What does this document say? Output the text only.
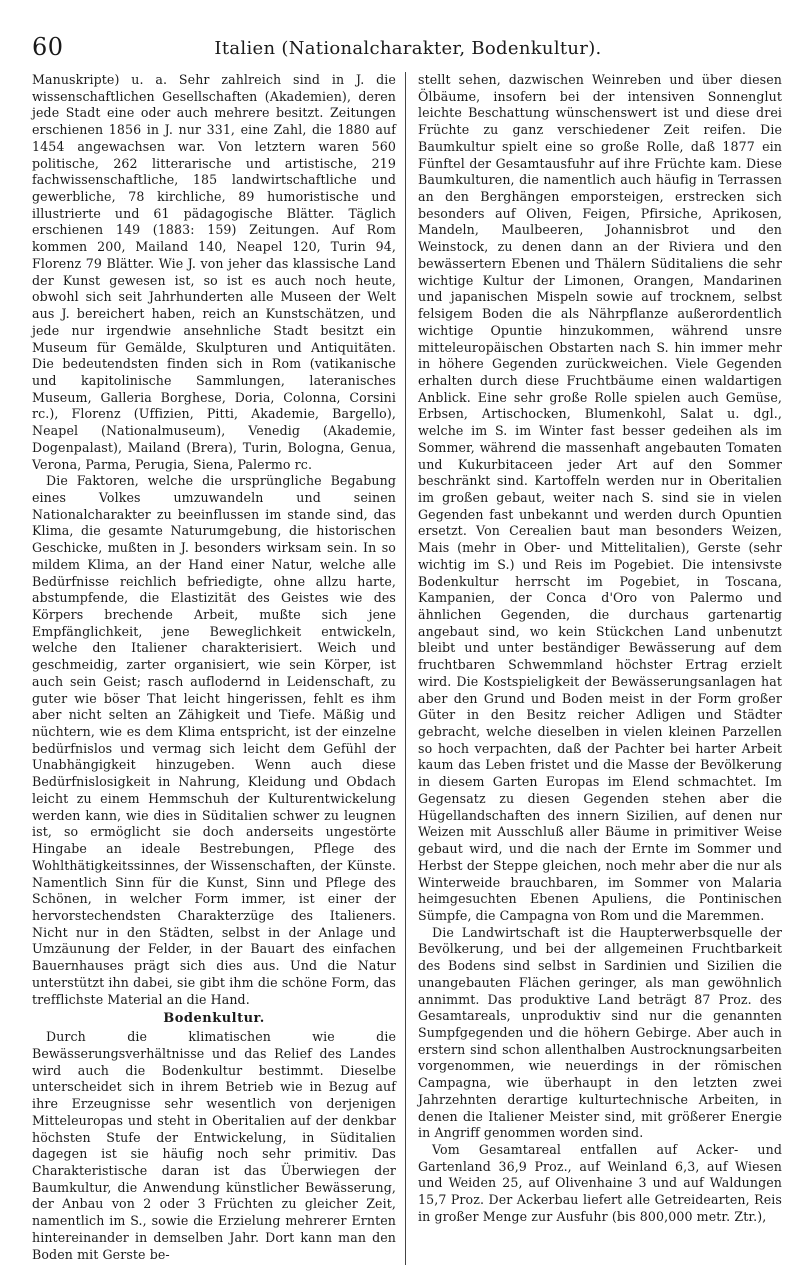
60	Italien (Nationalcharakter, Bodenkultur).

Manuskripte) u. a. Sehr zahlreich sind in J. die wissenschaftlichen Gesellschaften (Akademien), deren jede Stadt eine oder auch mehrere besitzt. Zeitungen erschienen 1856 in J. nur 331, eine Zahl, die 1880 auf 1454 angewachsen war. Von letztern waren 560 politische, 262 litterarische und artistische, 219 fachwissenschaftliche, 185 landwirtschaftliche und gewerbliche, 78 kirchliche, 89 humoristische und illustrierte und 61 pädagogische Blätter. Täglich erschienen 149 (1883: 159) Zeitungen. Auf Rom kommen 200, Mailand 140, Neapel 120, Turin 94, Florenz 79 Blätter. Wie J. von jeher das klassische Land der Kunst gewesen ist, so ist es auch noch heute, obwohl sich seit Jahrhunderten alle Museen der Welt aus J. bereichert haben, reich an Kunstschätzen, und jede nur irgendwie ansehnliche Stadt besitzt ein Museum für Gemälde, Skulpturen und Antiquitäten. Die bedeutendsten finden sich in Rom (vatikanische und kapitolinische Sammlungen, lateranisches Museum, Galleria Borghese, Doria, Colonna, Corsini rc.), Florenz (Uffizien, Pitti, Akademie, Bargello), Neapel (Nationalmuseum), Venedig (Akademie, Dogenpalast), Mailand (Brera), Turin, Bologna, Genua, Verona, Parma, Perugia, Siena, Palermo rc.

Die Faktoren, welche die ursprüngliche Begabung eines Volkes umzuwandeln und seinen Nationalcharakter zu beeinflussen im stande sind, das Klima, die gesamte Naturumgebung, die historischen Geschicke, mußten in J. besonders wirksam sein. In so mildem Klima, an der Hand einer Natur, welche alle Bedürfnisse reichlich befriedigte, ohne allzu harte, abstumpfende, die Elastizität des Geistes wie des Körpers brechende Arbeit, mußte sich jene Empfänglichkeit, jene Beweglichkeit entwickeln, welche den Italiener charakterisiert. Weich und geschmeidig, zarter organisiert, wie sein Körper, ist auch sein Geist; rasch auflodernd in Leidenschaft, zu guter wie böser That leicht hingerissen, fehlt es ihm aber nicht selten an Zähigkeit und Tiefe. Mäßig und nüchtern, wie es dem Klima entspricht, ist der einzelne bedürfnislos und vermag sich leicht dem Gefühl der Unabhängigkeit hinzugeben. Wenn auch diese Bedürfnislosigkeit in Nahrung, Kleidung und Obdach leicht zu einem Hemmschuh der Kulturentwickelung werden kann, wie dies in Süditalien schwer zu leugnen ist, so ermöglicht sie doch anderseits ungestörte Hingabe an ideale Bestrebungen, Pflege des Wohlthätigkeitssinnes, der Wissenschaften, der Künste. Namentlich Sinn für die Kunst, Sinn und Pflege des Schönen, in welcher Form immer, ist einer der hervorstechendsten Charakterzüge des Italieners. Nicht nur in den Städten, selbst in der Anlage und Umzäunung der Felder, in der Bauart des einfachen Bauernhauses prägt sich dies aus. Und die Natur unterstützt ihn dabei, sie gibt ihm die schöne Form, das trefflichste Material an die Hand.

Bodenkultur.

Durch die klimatischen wie die Bewässerungsverhältnisse und das Relief des Landes wird auch die Bodenkultur bestimmt. Dieselbe unterscheidet sich in ihrem Betrieb wie in Bezug auf ihre Erzeugnisse sehr wesentlich von derjenigen Mitteleuropas und steht in Oberitalien auf der denkbar höchsten Stufe der Entwickelung, in Süditalien dagegen ist sie häufig noch sehr primitiv. Das Charakteristische daran ist das Überwiegen der Baumkultur, die Anwendung künstlicher Bewässerung, der Anbau von 2 oder 3 Früchten zu gleicher Zeit, namentlich im S., sowie die Erzielung mehrerer Ernten hintereinander in demselben Jahr. Dort kann man den Boden mit Gerste be-

stellt sehen, dazwischen Weinreben und über diesen Ölbäume, insofern bei der intensiven Sonnenglut leichte Beschattung wünschenswert ist und diese drei Früchte zu ganz verschiedener Zeit reifen. Die Baumkultur spielt eine so große Rolle, daß 1877 ein Fünftel der Gesamtausfuhr auf ihre Früchte kam. Diese Baumkulturen, die namentlich auch häufig in Terrassen an den Berghängen emporsteigen, erstrecken sich besonders auf Oliven, Feigen, Pfirsiche, Aprikosen, Mandeln, Maulbeeren, Johannisbrot und den Weinstock, zu denen dann an der Riviera und den bewässertern Ebenen und Thälern Süditaliens die sehr wichtige Kultur der Limonen, Orangen, Mandarinen und japanischen Mispeln sowie auf trocknem, selbst felsigem Boden die als Nährpflanze außerordentlich wichtige Opuntie hinzukommen, während unsre mitteleuropäischen Obstarten nach S. hin immer mehr in höhere Gegenden zurückweichen. Viele Gegenden erhalten durch diese Fruchtbäume einen waldartigen Anblick. Eine sehr große Rolle spielen auch Gemüse, Erbsen, Artischocken, Blumenkohl, Salat u. dgl., welche im S. im Winter fast besser gedeihen als im Sommer, während die massenhaft angebauten Tomaten und Kukurbitaceen jeder Art auf den Sommer beschränkt sind. Kartoffeln werden nur in Oberitalien im großen gebaut, weiter nach S. sind sie in vielen Gegenden fast unbekannt und werden durch Opuntien ersetzt. Von Cerealien baut man besonders Weizen, Mais (mehr in Ober- und Mittelitalien), Gerste (sehr wichtig im S.) und Reis im Pogebiet. Die intensivste Bodenkultur herrscht im Pogebiet, in Toscana, Kampanien, der Conca d'Oro von Palermo und ähnlichen Gegenden, die durchaus gartenartig angebaut sind, wo kein Stückchen Land unbenutzt bleibt und unter beständiger Bewässerung auf dem fruchtbaren Schwemmland höchster Ertrag erzielt wird. Die Kostspieligkeit der Bewässerungsanlagen hat aber den Grund und Boden meist in der Form großer Güter in den Besitz reicher Adligen und Städter gebracht, welche dieselben in vielen kleinen Parzellen so hoch verpachten, daß der Pachter bei harter Arbeit kaum das Leben fristet und die Masse der Bevölkerung in diesem Garten Europas im Elend schmachtet. Im Gegensatz zu diesen Gegenden stehen aber die Hügellandschaften des innern Sizilien, auf denen nur Weizen mit Ausschluß aller Bäume in primitiver Weise gebaut wird, und die nach der Ernte im Sommer und Herbst der Steppe gleichen, noch mehr aber die nur als Winterweide brauchbaren, im Sommer von Malaria heimgesuchten Ebenen Apuliens, die Pontinischen Sümpfe, die Campagna von Rom und die Maremmen.

Die Landwirtschaft ist die Haupterwerbsquelle der Bevölkerung, und bei der allgemeinen Fruchtbarkeit des Bodens sind selbst in Sardinien und Sizilien die unangebauten Flächen geringer, als man gewöhnlich annimmt. Das produktive Land beträgt 87 Proz. des Gesamtareals, unproduktiv sind nur die genannten Sumpfgegenden und die höhern Gebirge. Aber auch in erstern sind schon allenthalben Austrocknungsarbeiten vorgenommen, wie neuerdings in der römischen Campagna, wie überhaupt in den letzten zwei Jahrzehnten derartige kulturtechnische Arbeiten, in denen die Italiener Meister sind, mit größerer Energie in Angriff genommen worden sind.

Vom Gesamtareal entfallen auf Acker- und Gartenland 36,9 Proz., auf Weinland 6,3, auf Wiesen und Weiden 25, auf Olivenhaine 3 und auf Waldungen 15,7 Proz. Der Ackerbau liefert alle Getreidearten, Reis in großer Menge zur Ausfuhr (bis 800,000 metr. Ztr.),
